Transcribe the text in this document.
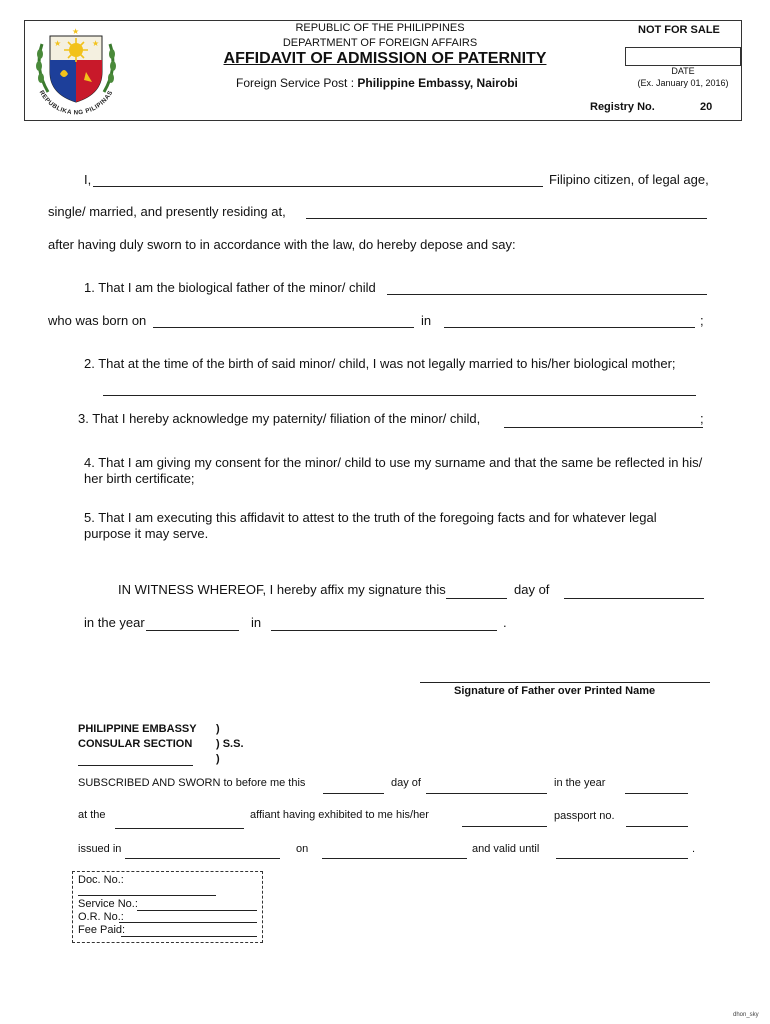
★	★
★
REPUBLIKA NG PILIPINAS
REPUBLIC OF THE PHILIPPINES
DEPARTMENT OF FOREIGN AFFAIRS
AFFIDAVIT OF ADMISSION OF PATERNITY
Foreign Service Post : Philippine Embassy, Nairobi
NOT FOR SALE
DATE
(Ex. January 01, 2016)
Registry No.	20
I,	Filipino citizen, of legal age,
single/ married, and presently residing at,
after having duly sworn to in accordance with the law, do hereby depose and say:
1. That I am the biological father of the minor/ child
who was born on	in	;
2. That at the time of the birth of said minor/ child, I was not legally married to his/her biological mother;
3. That I hereby acknowledge my paternity/ filiation of the minor/ child,	;
4. That I am giving my consent for the minor/ child to use my surname and that the same be reflected in his/
her birth certificate;
5. That I am executing this affidavit to attest to the truth of the foregoing facts and for whatever legal
purpose it may serve.
IN WITNESS WHEREOF, I hereby affix my signature this	day of
in the year	in	.
Signature of Father over Printed Name
PHILIPPINE EMBASSY
CONSULAR SECTION
)
) S.S.
)
SUBSCRIBED AND SWORN to before me this	day of	in the year
at the	affiant having exhibited to me his/her	passport no.
issued in	on	and valid until	.
Doc. No.:
Service No.:
O.R. No.:
Fee Paid:
dhon_sky
